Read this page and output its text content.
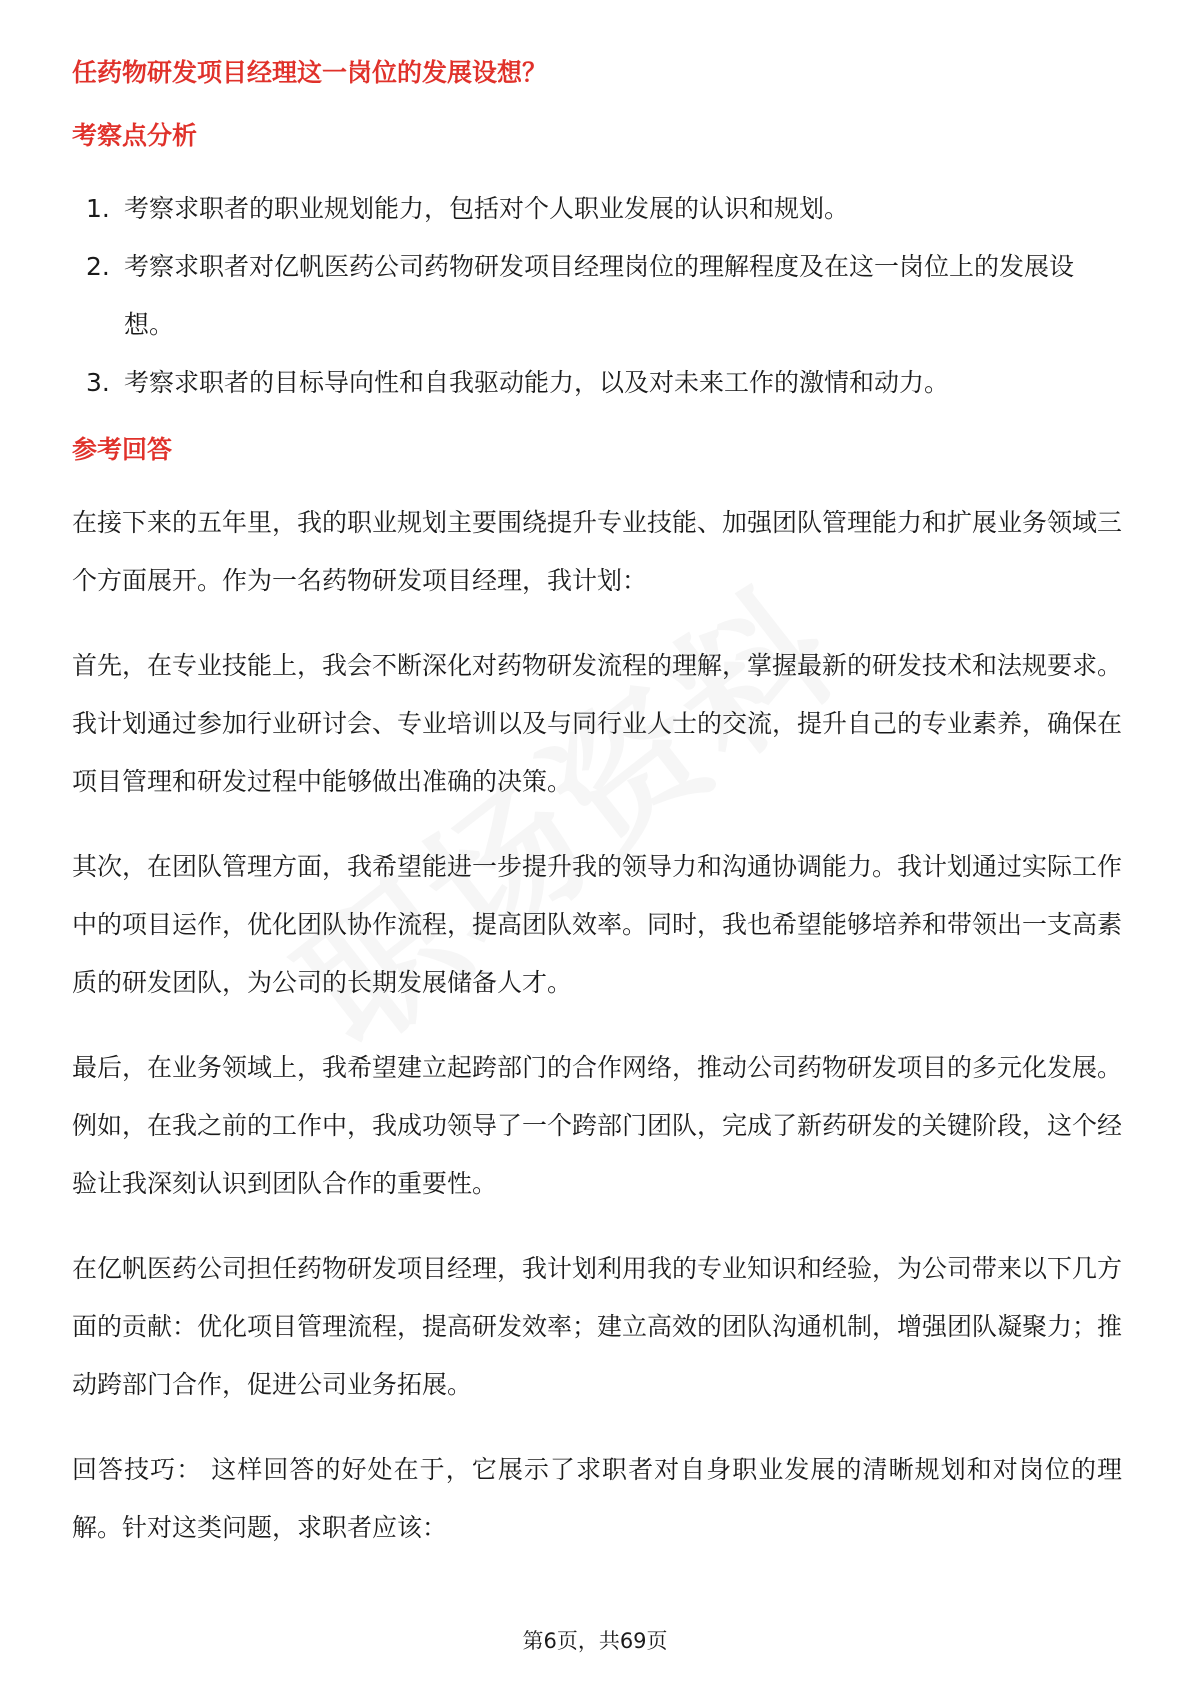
任药物研发项目经理这一岗位的发展设想？
考察点分析
1. 考察求职者的职业规划能力，包括对个人职业发展的认识和规划。
2. 考察求职者对亿帆医药公司药物研发项目经理岗位的理解程度及在这一岗位上的发展设想。
3. 考察求职者的目标导向性和自我驱动能力，以及对未来工作的激情和动力。
参考回答

在接下来的五年里，我的职业规划主要围绕提升专业技能、加强团队管理能力和扩展业务领域三个方面展开。作为一名药物研发项目经理，我计划：

首先，在专业技能上，我会不断深化对药物研发流程的理解，掌握最新的研发技术和法规要求。我计划通过参加行业研讨会、专业培训以及与同行业人士的交流，提升自己的专业素养，确保在项目管理和研发过程中能够做出准确的决策。

其次，在团队管理方面，我希望能进一步提升我的领导力和沟通协调能力。我计划通过实际工作中的项目运作，优化团队协作流程，提高团队效率。同时，我也希望能够培养和带领出一支高素质的研发团队，为公司的长期发展储备人才。

最后，在业务领域上，我希望建立起跨部门的合作网络，推动公司药物研发项目的多元化发展。例如，在我之前的工作中，我成功领导了一个跨部门团队，完成了新药研发的关键阶段，这个经验让我深刻认识到团队合作的重要性。

在亿帆医药公司担任药物研发项目经理，我计划利用我的专业知识和经验，为公司带来以下几方面的贡献：优化项目管理流程，提高研发效率；建立高效的团队沟通机制，增强团队凝聚力；推动跨部门合作，促进公司业务拓展。

回答技巧： 这样回答的好处在于，它展示了求职者对自身职业发展的清晰规划和对岗位的理解。针对这类问题，求职者应该：

第6页，共69页
